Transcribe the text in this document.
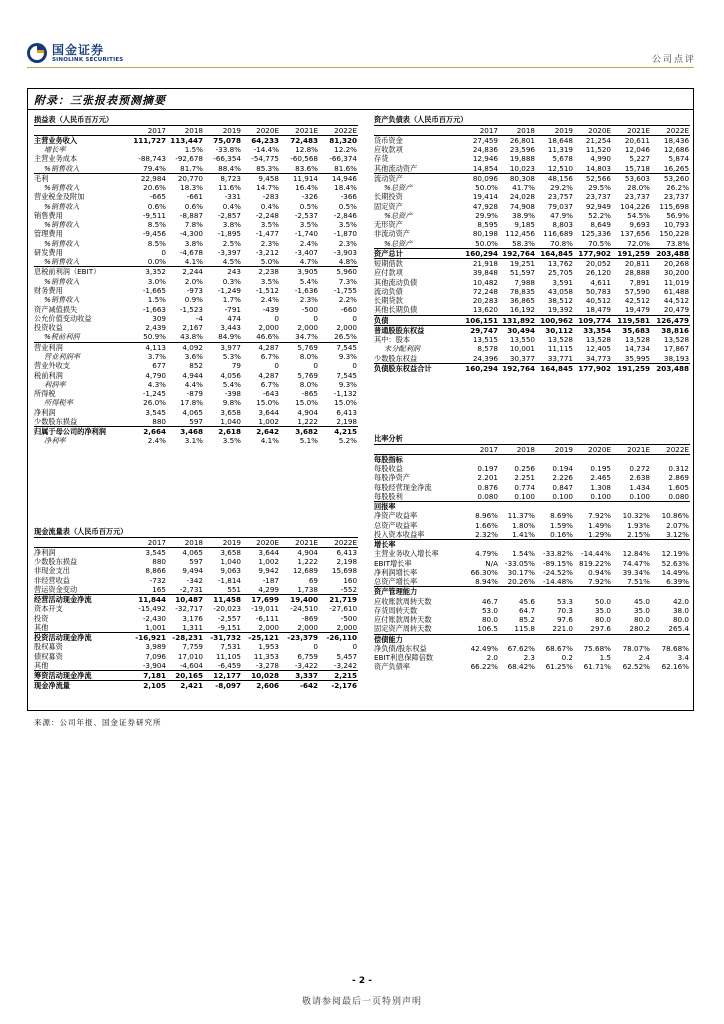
国金证券
SINOLINK SECURITIES	公司点评
附录：三张报表预测摘要
损益表（人民币百万元）						
	2017	2018	2019	2020E	2021E	2022E
主营业务收入	111,727	113,447	75,078	64,233	72,483	81,320
增长率		1.5%	-33.8%	-14.4%	12.8%	12.2%
主营业务成本	-88,743	-92,678	-66,354	-54,775	-60,568	-66,374
%销售收入	79.4%	81.7%	88.4%	85.3%	83.6%	81.6%
毛利	22,984	20,770	8,723	9,458	11,914	14,946
%销售收入	20.6%	18.3%	11.6%	14.7%	16.4%	18.4%
营业税金及附加	-665	-661	-331	-283	-326	-366
%销售收入	0.6%	0.6%	0.4%	0.4%	0.5%	0.5%
销售费用	-9,511	-8,887	-2,857	-2,248	-2,537	-2,846
%销售收入	8.5%	7.8%	3.8%	3.5%	3.5%	3.5%
管理费用	-9,456	-4,300	-1,895	-1,477	-1,740	-1,870
%销售收入	8.5%	3.8%	2.5%	2.3%	2.4%	2.3%
研发费用	0	-4,678	-3,397	-3,212	-3,407	-3,903
%销售收入	0.0%	4.1%	4.5%	5.0%	4.7%	4.8%
息税前利润（EBIT）	3,352	2,244	243	2,238	3,905	5,960
%销售收入	3.0%	2.0%	0.3%	3.5%	5.4%	7.3%
财务费用	-1,665	-973	-1,249	-1,512	-1,636	-1,755
%销售收入	1.5%	0.9%	1.7%	2.4%	2.3%	2.2%
资产减值损失	-1,663	-1,523	-791	-439	-500	-660
公允价值变动收益	309	-4	474	0	0	0
投资收益	2,439	2,167	3,443	2,000	2,000	2,000
%税前利润	50.9%	43.8%	84.9%	46.6%	34.7%	26.5%
营业利润	4,113	4,092	3,977	4,287	5,769	7,545
营业利润率	3.7%	3.6%	5.3%	6.7%	8.0%	9.3%
营业外收支	677	852	79	0	0	0
税前利润	4,790	4,944	4,056	4,287	5,769	7,545
利润率	4.3%	4.4%	5.4%	6.7%	8.0%	9.3%
所得税	-1,245	-879	-398	-643	-865	-1,132
所得税率	26.0%	17.8%	9.8%	15.0%	15.0%	15.0%
净利润	3,545	4,065	3,658	3,644	4,904	6,413
少数股东损益	880	597	1,040	1,002	1,222	2,198
归属于母公司的净利润	2,664	3,468	2,618	2,642	3,682	4,215
净利率	2.4%	3.1%	3.5%	4.1%	5.1%	5.2%
资产负债表（人民币百万元）						
	2017	2018	2019	2020E	2021E	2022E
货币资金	27,459	26,801	18,648	21,254	20,611	18,436
应收款项	24,836	23,596	11,319	11,520	12,046	12,686
存货	12,946	19,888	5,678	4,990	5,227	5,874
其他流动资产	14,854	10,023	12,510	14,803	15,718	16,265
流动资产	80,096	80,308	48,156	52,566	53,603	53,260
%总资产	50.0%	41.7%	29.2%	29.5%	28.0%	26.2%
长期投资	19,414	24,028	23,757	23,737	23,737	23,737
固定资产	47,928	74,908	79,037	92,949	104,226	115,698
%总资产	29.9%	38.9%	47.9%	52.2%	54.5%	56.9%
无形资产	8,595	9,185	8,803	8,649	9,693	10,793
非流动资产	80,198	112,456	116,689	125,336	137,656	150,228
%总资产	50.0%	58.3%	70.8%	70.5%	72.0%	73.8%
资产总计	160,294	192,764	164,845	177,902	191,259	203,488
短期借款	21,918	19,251	13,762	20,052	20,811	20,268
应付款项	39,848	51,597	25,705	26,120	28,888	30,200
其他流动负债	10,482	7,988	3,591	4,611	7,891	11,019
流动负债	72,248	78,835	43,058	50,783	57,590	61,488
长期贷款	20,283	36,865	38,512	40,512	42,512	44,512
其他长期负债	13,620	16,192	19,392	18,479	19,479	20,479
负债	106,151	131,892	100,962	109,774	119,581	126,479
普通股股东权益	29,747	30,494	30,112	33,354	35,683	38,816
其中：股本	13,515	13,550	13,528	13,528	13,528	13,528
未分配利润	8,578	10,001	11,115	12,405	14,734	17,867
少数股东权益	24,396	30,377	33,771	34,773	35,995	38,193
负债股东权益合计	160,294	192,764	164,845	177,902	191,259	203,488
现金流量表（人民币百万元）						
	2017	2018	2019	2020E	2021E	2022E
净利润	3,545	4,065	3,658	3,644	4,904	6,413
少数股东损益	880	597	1,040	1,002	1,222	2,198
非现金支出	8,866	9,494	9,063	9,942	12,689	15,698
非经营收益	-732	-342	-1,814	-187	69	160
营运资金变动	165	-2,731	551	4,299	1,738	-552
经营活动现金净流	11,844	10,487	11,458	17,699	19,400	21,719
资本开支	-15,492	-32,717	-20,023	-19,011	-24,510	-27,610
投资	-2,430	3,176	-2,557	-6,111	-869	-500
其他	1,001	1,311	-9,151	2,000	2,000	2,000
投资活动现金净流	-16,921	-28,231	-31,732	-25,121	-23,379	-26,110
股权募资	3,989	7,759	7,531	1,953	0	0
债权募资	7,096	17,010	11,105	11,353	6,759	5,457
其他	-3,904	-4,604	-6,459	-3,278	-3,422	-3,242
筹资活动现金净流	7,181	20,165	12,177	10,028	3,337	2,215
现金净流量	2,105	2,421	-8,097	2,606	-642	-2,176
比率分析						
	2017	2018	2019	2020E	2021E	2022E
每股指标						
每股收益	0.197	0.256	0.194	0.195	0.272	0.312
每股净资产	2.201	2.251	2.226	2.465	2.638	2.869
每股经营现金净流	0.876	0.774	0.847	1.308	1.434	1.605
每股股利	0.080	0.100	0.100	0.100	0.100	0.080
回报率						
净资产收益率	8.96%	11.37%	8.69%	7.92%	10.32%	10.86%
总资产收益率	1.66%	1.80%	1.59%	1.49%	1.93%	2.07%
投入资本收益率	2.32%	1.41%	0.16%	1.29%	2.15%	3.12%
增长率						
主营业务收入增长率	4.79%	1.54%	-33.82%	-14.44%	12.84%	12.19%
EBIT增长率	N/A	-33.05%	-89.15%	819.22%	74.47%	52.63%
净利润增长率	66.30%	30.17%	-24.52%	0.94%	39.34%	14.49%
总资产增长率	8.94%	20.26%	-14.48%	7.92%	7.51%	6.39%
资产管理能力						
应收账款周转天数	46.7	45.6	53.3	50.0	45.0	42.0
存货周转天数	53.0	64.7	70.3	35.0	35.0	38.0
应付账款周转天数	80.0	85.2	97.6	80.0	80.0	80.0
固定资产周转天数	106.5	115.8	221.0	297.6	280.2	265.4
偿债能力						
净负债/股东权益	42.49%	67.62%	68.67%	75.68%	78.07%	78.68%
EBIT利息保障倍数	2.0	2.3	0.2	1.5	2.4	3.4
资产负债率	66.22%	68.42%	61.25%	61.71%	62.52%	62.16%
来源：公司年报、国金证券研究所
- 2 -
敬请参阅最后一页特别声明
